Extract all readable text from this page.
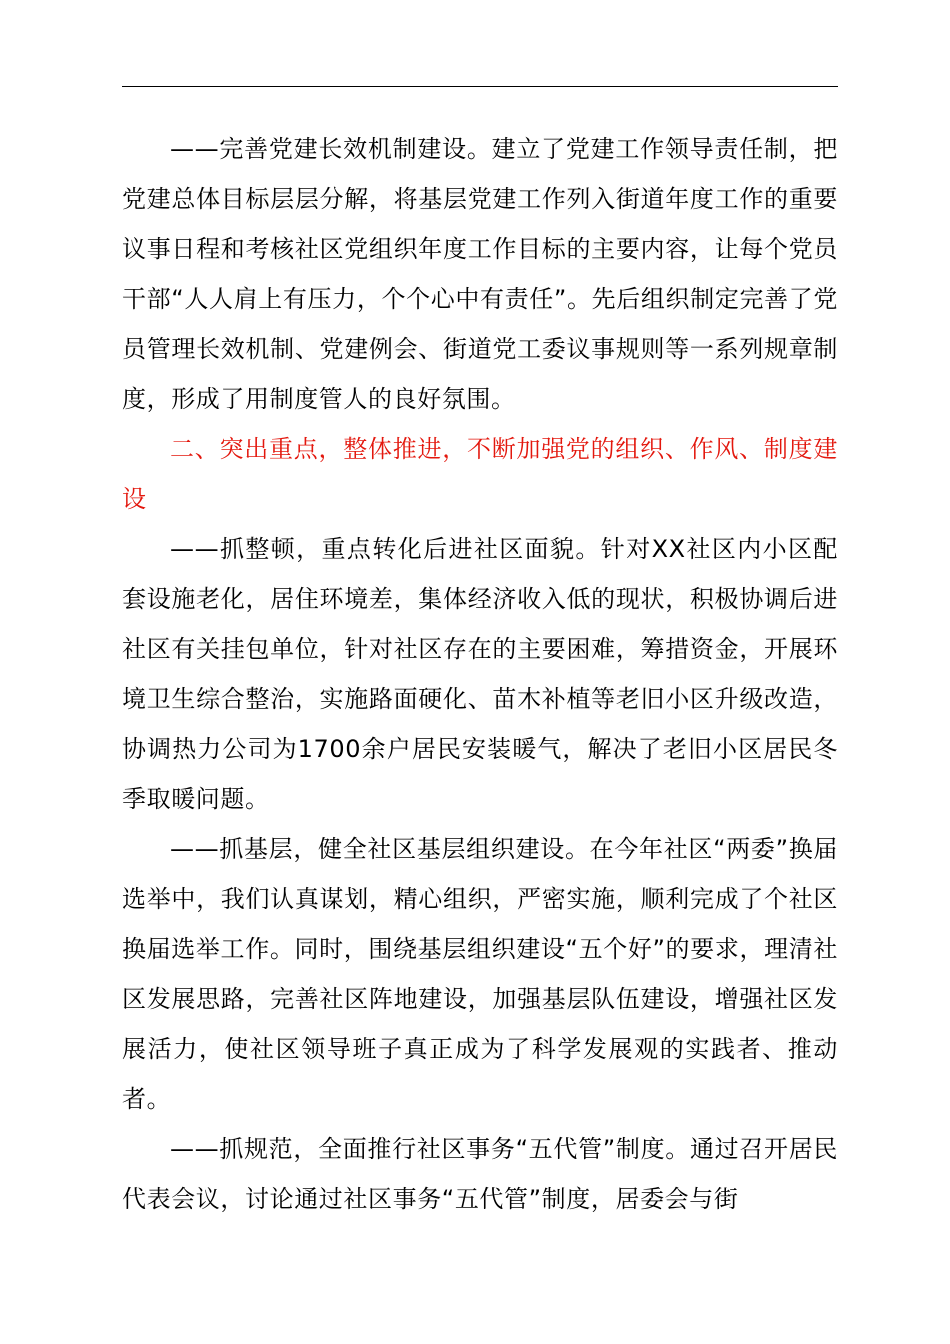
——完善党建长效机制建设。建立了党建工作领导责任制，把党建总体目标层层分解，将基层党建工作列入街道年度工作的重要议事日程和考核社区党组织年度工作目标的主要内容，让每个党员干部“人人肩上有压力，个个心中有责任”。先后组织制定完善了党员管理长效机制、党建例会、街道党工委议事规则等一系列规章制度，形成了用制度管人的良好氛围。

二、突出重点，整体推进，不断加强党的组织、作风、制度建设

——抓整顿，重点转化后进社区面貌。针对XX社区内小区配套设施老化，居住环境差，集体经济收入低的现状，积极协调后进社区有关挂包单位，针对社区存在的主要困难，筹措资金，开展环境卫生综合整治，实施路面硬化、苗木补植等老旧小区升级改造，协调热力公司为1700余户居民安装暖气，解决了老旧小区居民冬季取暖问题。

——抓基层，健全社区基层组织建设。在今年社区“两委”换届选举中，我们认真谋划，精心组织，严密实施，顺利完成了个社区换届选举工作。同时，围绕基层组织建设“五个好”的要求，理清社区发展思路，完善社区阵地建设，加强基层队伍建设，增强社区发展活力，使社区领导班子真正成为了科学发展观的实践者、推动者。

——抓规范，全面推行社区事务“五代管”制度。通过召开居民代表会议，讨论通过社区事务“五代管”制度，居委会与街
